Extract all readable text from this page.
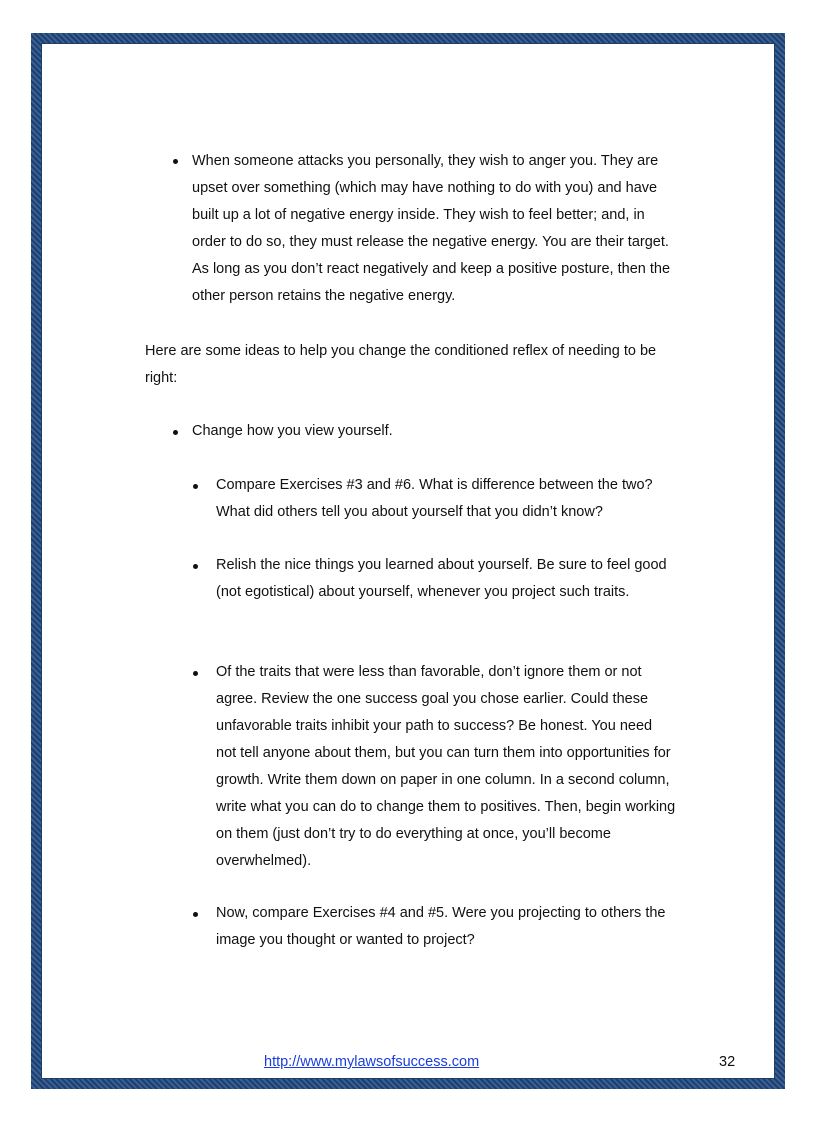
When someone attacks you personally, they wish to anger you. They are upset over something (which may have nothing to do with you) and have built up a lot of negative energy inside. They wish to feel better; and, in order to do so, they must release the negative energy. You are their target. As long as you don’t react negatively and keep a positive posture, then the other person retains the negative energy.
Here are some ideas to help you change the conditioned reflex of needing to be right:
Change how you view yourself.
Compare Exercises #3 and #6. What is difference between the two? What did others tell you about yourself that you didn’t know?
Relish the nice things you learned about yourself. Be sure to feel good (not egotistical) about yourself, whenever you project such traits.
Of the traits that were less than favorable, don’t ignore them or not agree. Review the one success goal you chose earlier. Could these unfavorable traits inhibit your path to success? Be honest. You need not tell anyone about them, but you can turn them into opportunities for growth. Write them down on paper in one column. In a second column, write what you can do to change them to positives. Then, begin working on them (just don’t try to do everything at once, you’ll become overwhelmed).
Now, compare Exercises #4 and #5. Were you projecting to others the image you thought or wanted to project?
http://www.mylawsofsuccess.com	32
